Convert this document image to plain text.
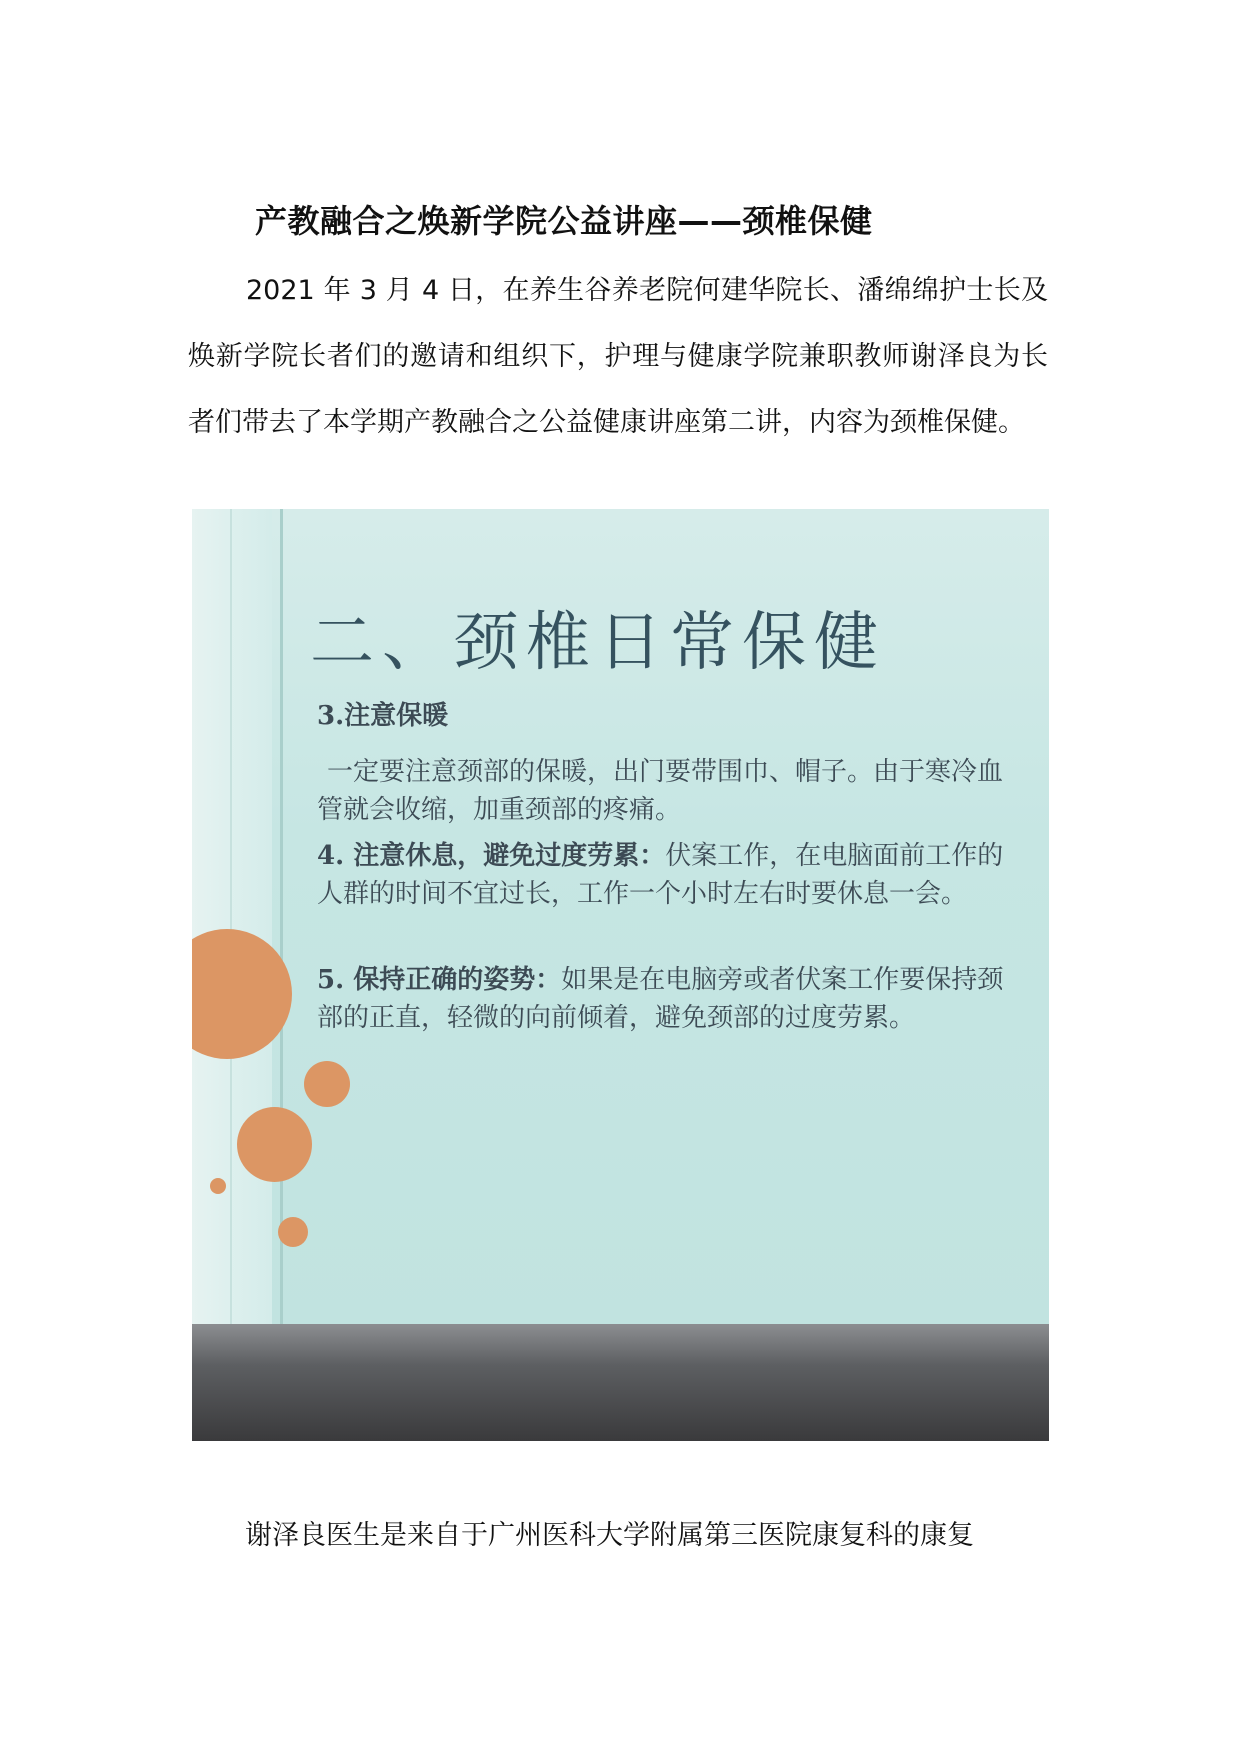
产教融合之焕新学院公益讲座——颈椎保健

2021 年 3 月 4 日，在养生谷养老院何建华院长、潘绵绵护士长及焕新学院长者们的邀请和组织下，护理与健康学院兼职教师谢泽良为长者们带去了本学期产教融合之公益健康讲座第二讲，内容为颈椎保健。

二、颈椎日常保健

3.注意保暖

一定要注意颈部的保暖，出门要带围巾、帽子。由于寒冷血管就会收缩，加重颈部的疼痛。

4. 注意休息，避免过度劳累：伏案工作，在电脑面前工作的人群的时间不宜过长，工作一个小时左右时要休息一会。

5. 保持正确的姿势：如果是在电脑旁或者伏案工作要保持颈部的正直，轻微的向前倾着，避免颈部的过度劳累。

谢泽良医生是来自于广州医科大学附属第三医院康复科的康复
